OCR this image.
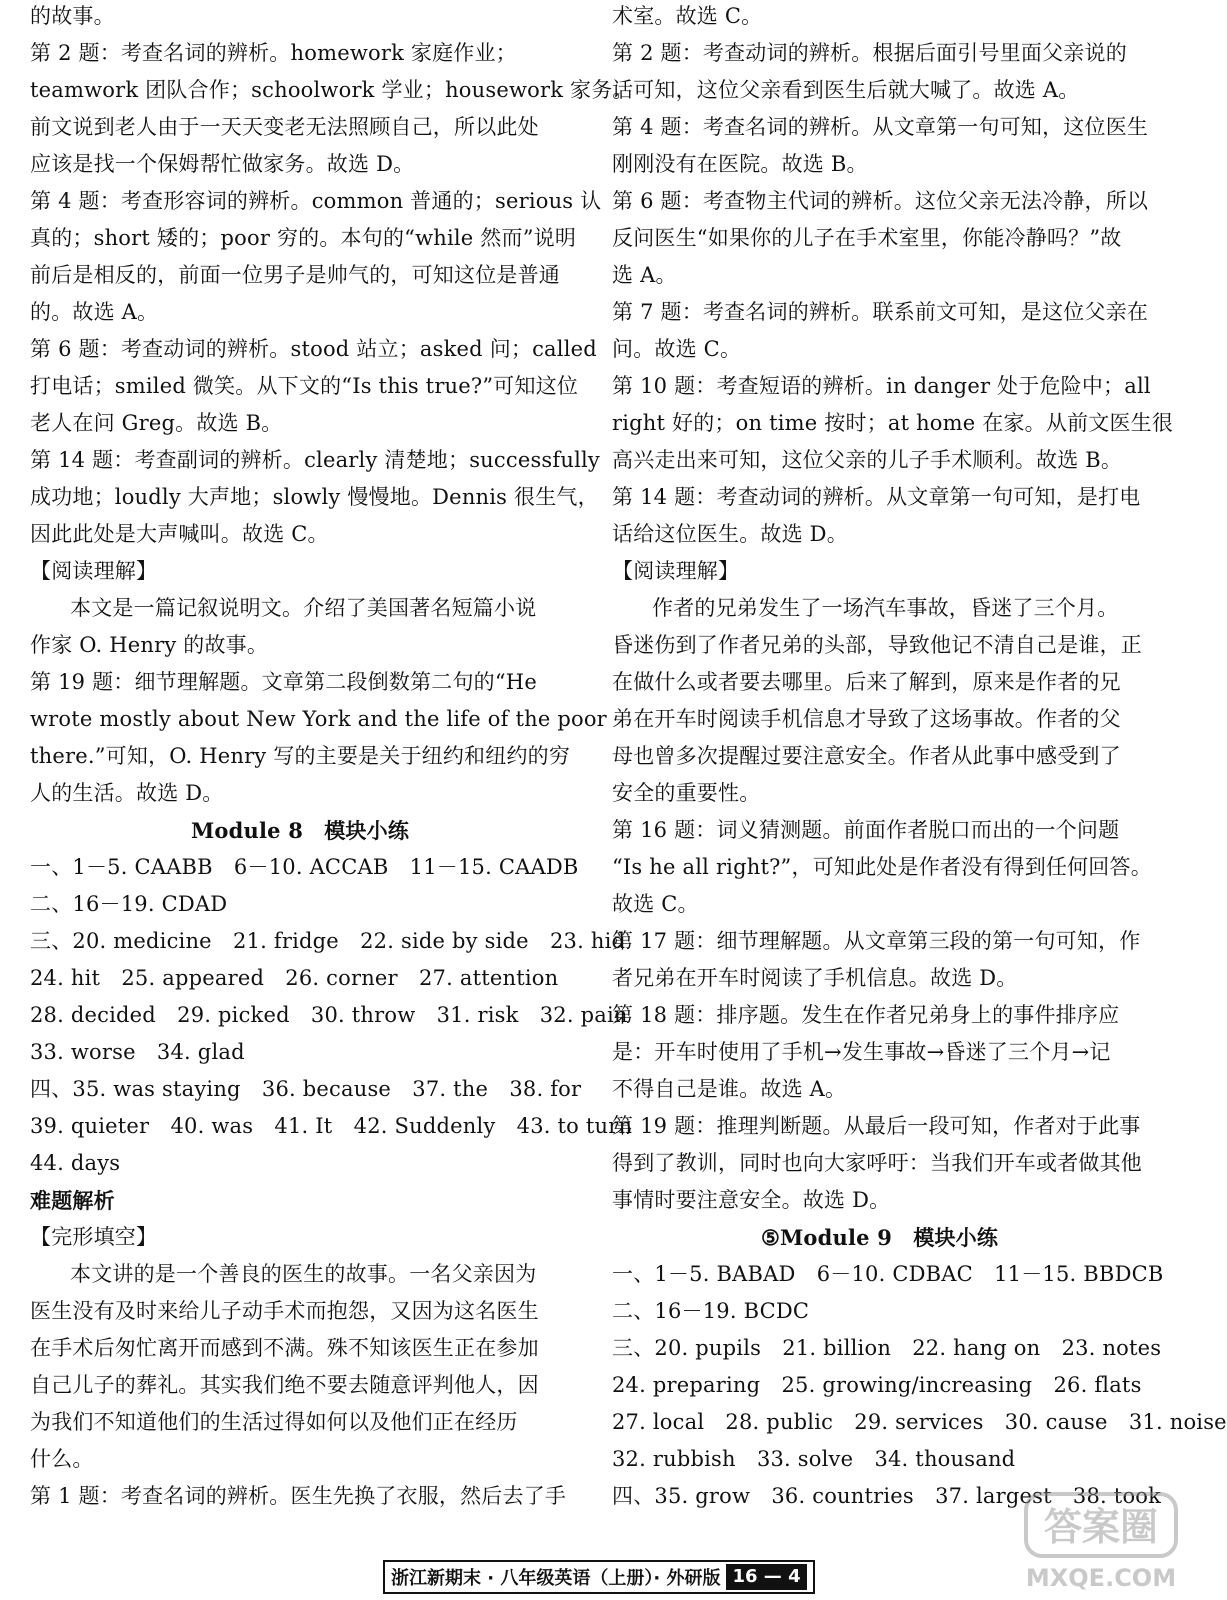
的故事。
第 2 题：考查名词的辨析。homework 家庭作业；
teamwork 团队合作；schoolwork 学业；housework 家务。
前文说到老人由于一天天变老无法照顾自己，所以此处
应该是找一个保姆帮忙做家务。故选 D。
第 4 题：考查形容词的辨析。common 普通的；serious 认
真的；short 矮的；poor 穷的。本句的“while 然而”说明
前后是相反的，前面一位男子是帅气的，可知这位是普通
的。故选 A。
第 6 题：考查动词的辨析。stood 站立；asked 问；called
打电话；smiled 微笑。从下文的“Is this true?”可知这位
老人在问 Greg。故选 B。
第 14 题：考查副词的辨析。clearly 清楚地；successfully
成功地；loudly 大声地；slowly 慢慢地。Dennis 很生气，
因此此处是大声喊叫。故选 C。
【阅读理解】
本文是一篇记叙说明文。介绍了美国著名短篇小说
作家 O. Henry 的故事。
第 19 题：细节理解题。文章第二段倒数第二句的“He
wrote mostly about New York and the life of the poor
there.”可知，O. Henry 写的主要是关于纽约和纽约的穷
人的生活。故选 D。
Module 8　模块小练
一、1－5. CAABB　6－10. ACCAB　11－15. CAADB
二、16－19. CDAD
三、20. medicine　21. fridge　22. side by side　23. hid
24. hit　25. appeared　26. corner　27. attention
28. decided　29. picked　30. throw　31. risk　32. pain
33. worse　34. glad
四、35. was staying　36. because　37. the　38. for
39. quieter　40. was　41. It　42. Suddenly　43. to turn
44. days
难题解析
【完形填空】
本文讲的是一个善良的医生的故事。一名父亲因为
医生没有及时来给儿子动手术而抱怨，又因为这名医生
在手术后匆忙离开而感到不满。殊不知该医生正在参加
自己儿子的葬礼。其实我们绝不要去随意评判他人，因
为我们不知道他们的生活过得如何以及他们正在经历
什么。
第 1 题：考查名词的辨析。医生先换了衣服，然后去了手
术室。故选 C。
第 2 题：考查动词的辨析。根据后面引号里面父亲说的
话可知，这位父亲看到医生后就大喊了。故选 A。
第 4 题：考查名词的辨析。从文章第一句可知，这位医生
刚刚没有在医院。故选 B。
第 6 题：考查物主代词的辨析。这位父亲无法冷静，所以
反问医生“如果你的儿子在手术室里，你能冷静吗？”故
选 A。
第 7 题：考查名词的辨析。联系前文可知，是这位父亲在
问。故选 C。
第 10 题：考查短语的辨析。in danger 处于危险中；all
right 好的；on time 按时；at home 在家。从前文医生很
高兴走出来可知，这位父亲的儿子手术顺利。故选 B。
第 14 题：考查动词的辨析。从文章第一句可知，是打电
话给这位医生。故选 D。
【阅读理解】
作者的兄弟发生了一场汽车事故，昏迷了三个月。
昏迷伤到了作者兄弟的头部，导致他记不清自己是谁，正
在做什么或者要去哪里。后来了解到，原来是作者的兄
弟在开车时阅读手机信息才导致了这场事故。作者的父
母也曾多次提醒过要注意安全。作者从此事中感受到了
安全的重要性。
第 16 题：词义猜测题。前面作者脱口而出的一个问题
“Is he all right?”，可知此处是作者没有得到任何回答。
故选 C。
第 17 题：细节理解题。从文章第三段的第一句可知，作
者兄弟在开车时阅读了手机信息。故选 D。
第 18 题：排序题。发生在作者兄弟身上的事件排序应
是：开车时使用了手机→发生事故→昏迷了三个月→记
不得自己是谁。故选 A。
第 19 题：推理判断题。从最后一段可知，作者对于此事
得到了教训，同时也向大家呼吁：当我们开车或者做其他
事情时要注意安全。故选 D。
⑤Module 9　模块小练
一、1－5. BABAD　6－10. CDBAC　11－15. BBDCB
二、16－19. BCDC
三、20. pupils　21. billion　22. hang on　23. notes
24. preparing　25. growing/increasing　26. flats
27. local　28. public　29. services　30. cause　31. noise
32. rubbish　33. solve　34. thousand
四、35. grow　36. countries　37. largest　38. took
浙江新期末 · 八年级英语（上册）· 外研版 16 — 4
答案圈
MXQE.COM
